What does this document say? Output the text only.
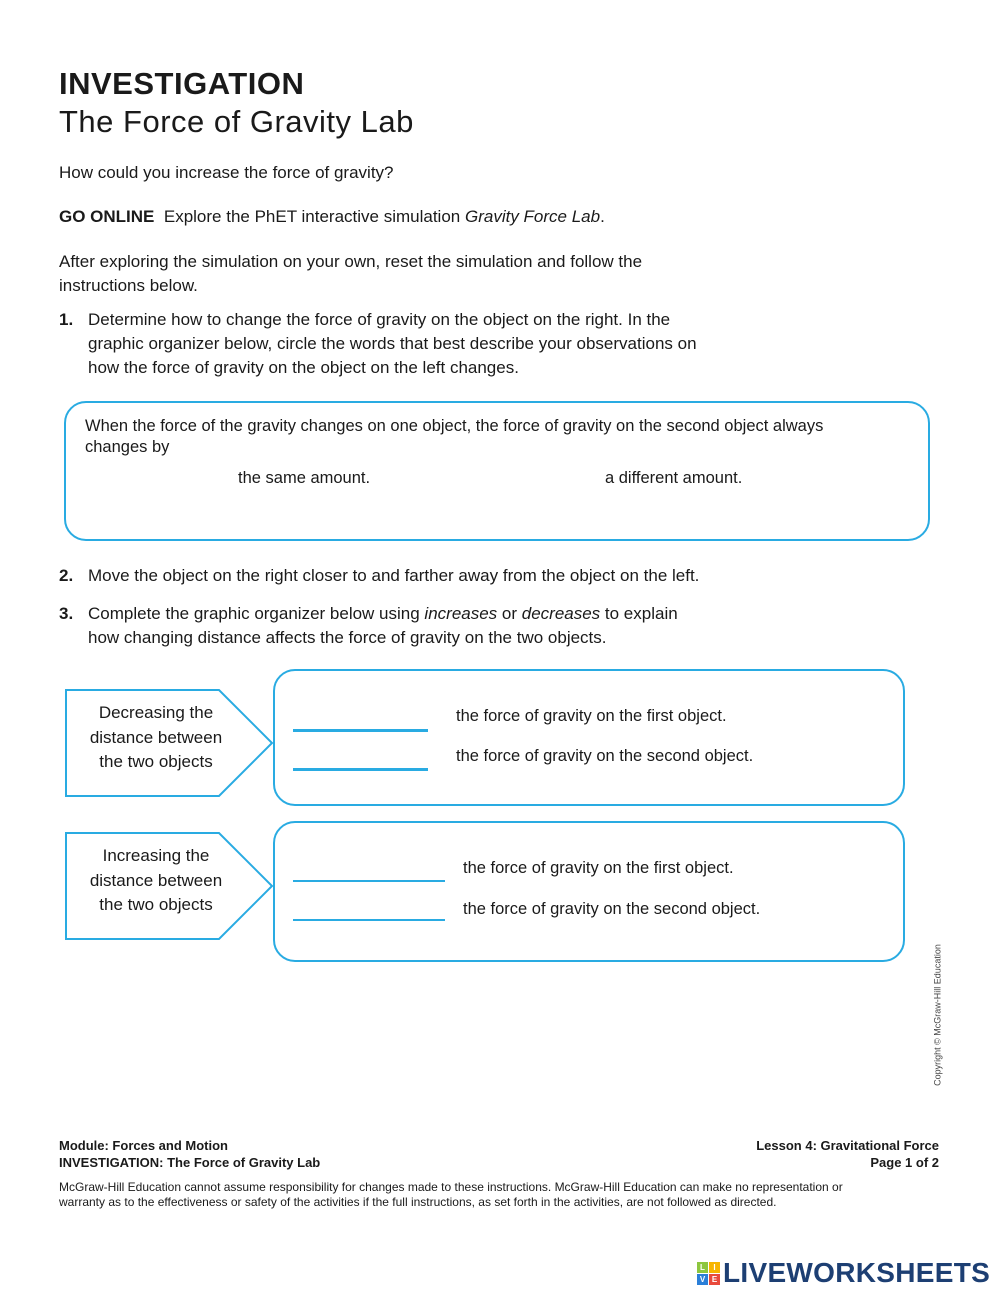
INVESTIGATION
The Force of Gravity Lab
How could you increase the force of gravity?
GO ONLINE Explore the PhET interactive simulation Gravity Force Lab.
After exploring the simulation on your own, reset the simulation and follow the
instructions below.
1. Determine how to change the force of gravity on the object on the right. In the
graphic organizer below, circle the words that best describe your observations on
how the force of gravity on the object on the left changes.
When the force of the gravity changes on one object, the force of gravity on the second object always
changes by
the same amount.	a different amount.
2. Move the object on the right closer to and farther away from the object on the left.
3. Complete the graphic organizer below using increases or decreases to explain
how changing distance affects the force of gravity on the two objects.
Decreasing the
distance between
the two objects
the force of gravity on the first object.
the force of gravity on the second object.
Increasing the
distance between
the two objects
the force of gravity on the first object.
the force of gravity on the second object.
Copyright © McGraw-Hill Education
Module: Forces and Motion
INVESTIGATION: The Force of Gravity Lab
Lesson 4: Gravitational Force
Page 1 of 2
McGraw-Hill Education cannot assume responsibility for changes made to these instructions. McGraw-Hill Education can make no representation or
warranty as to the effectiveness or safety of the activities if the full instructions, as set forth in the activities, are not followed as directed.
L	I
V E LIVEWORKSHEETS
